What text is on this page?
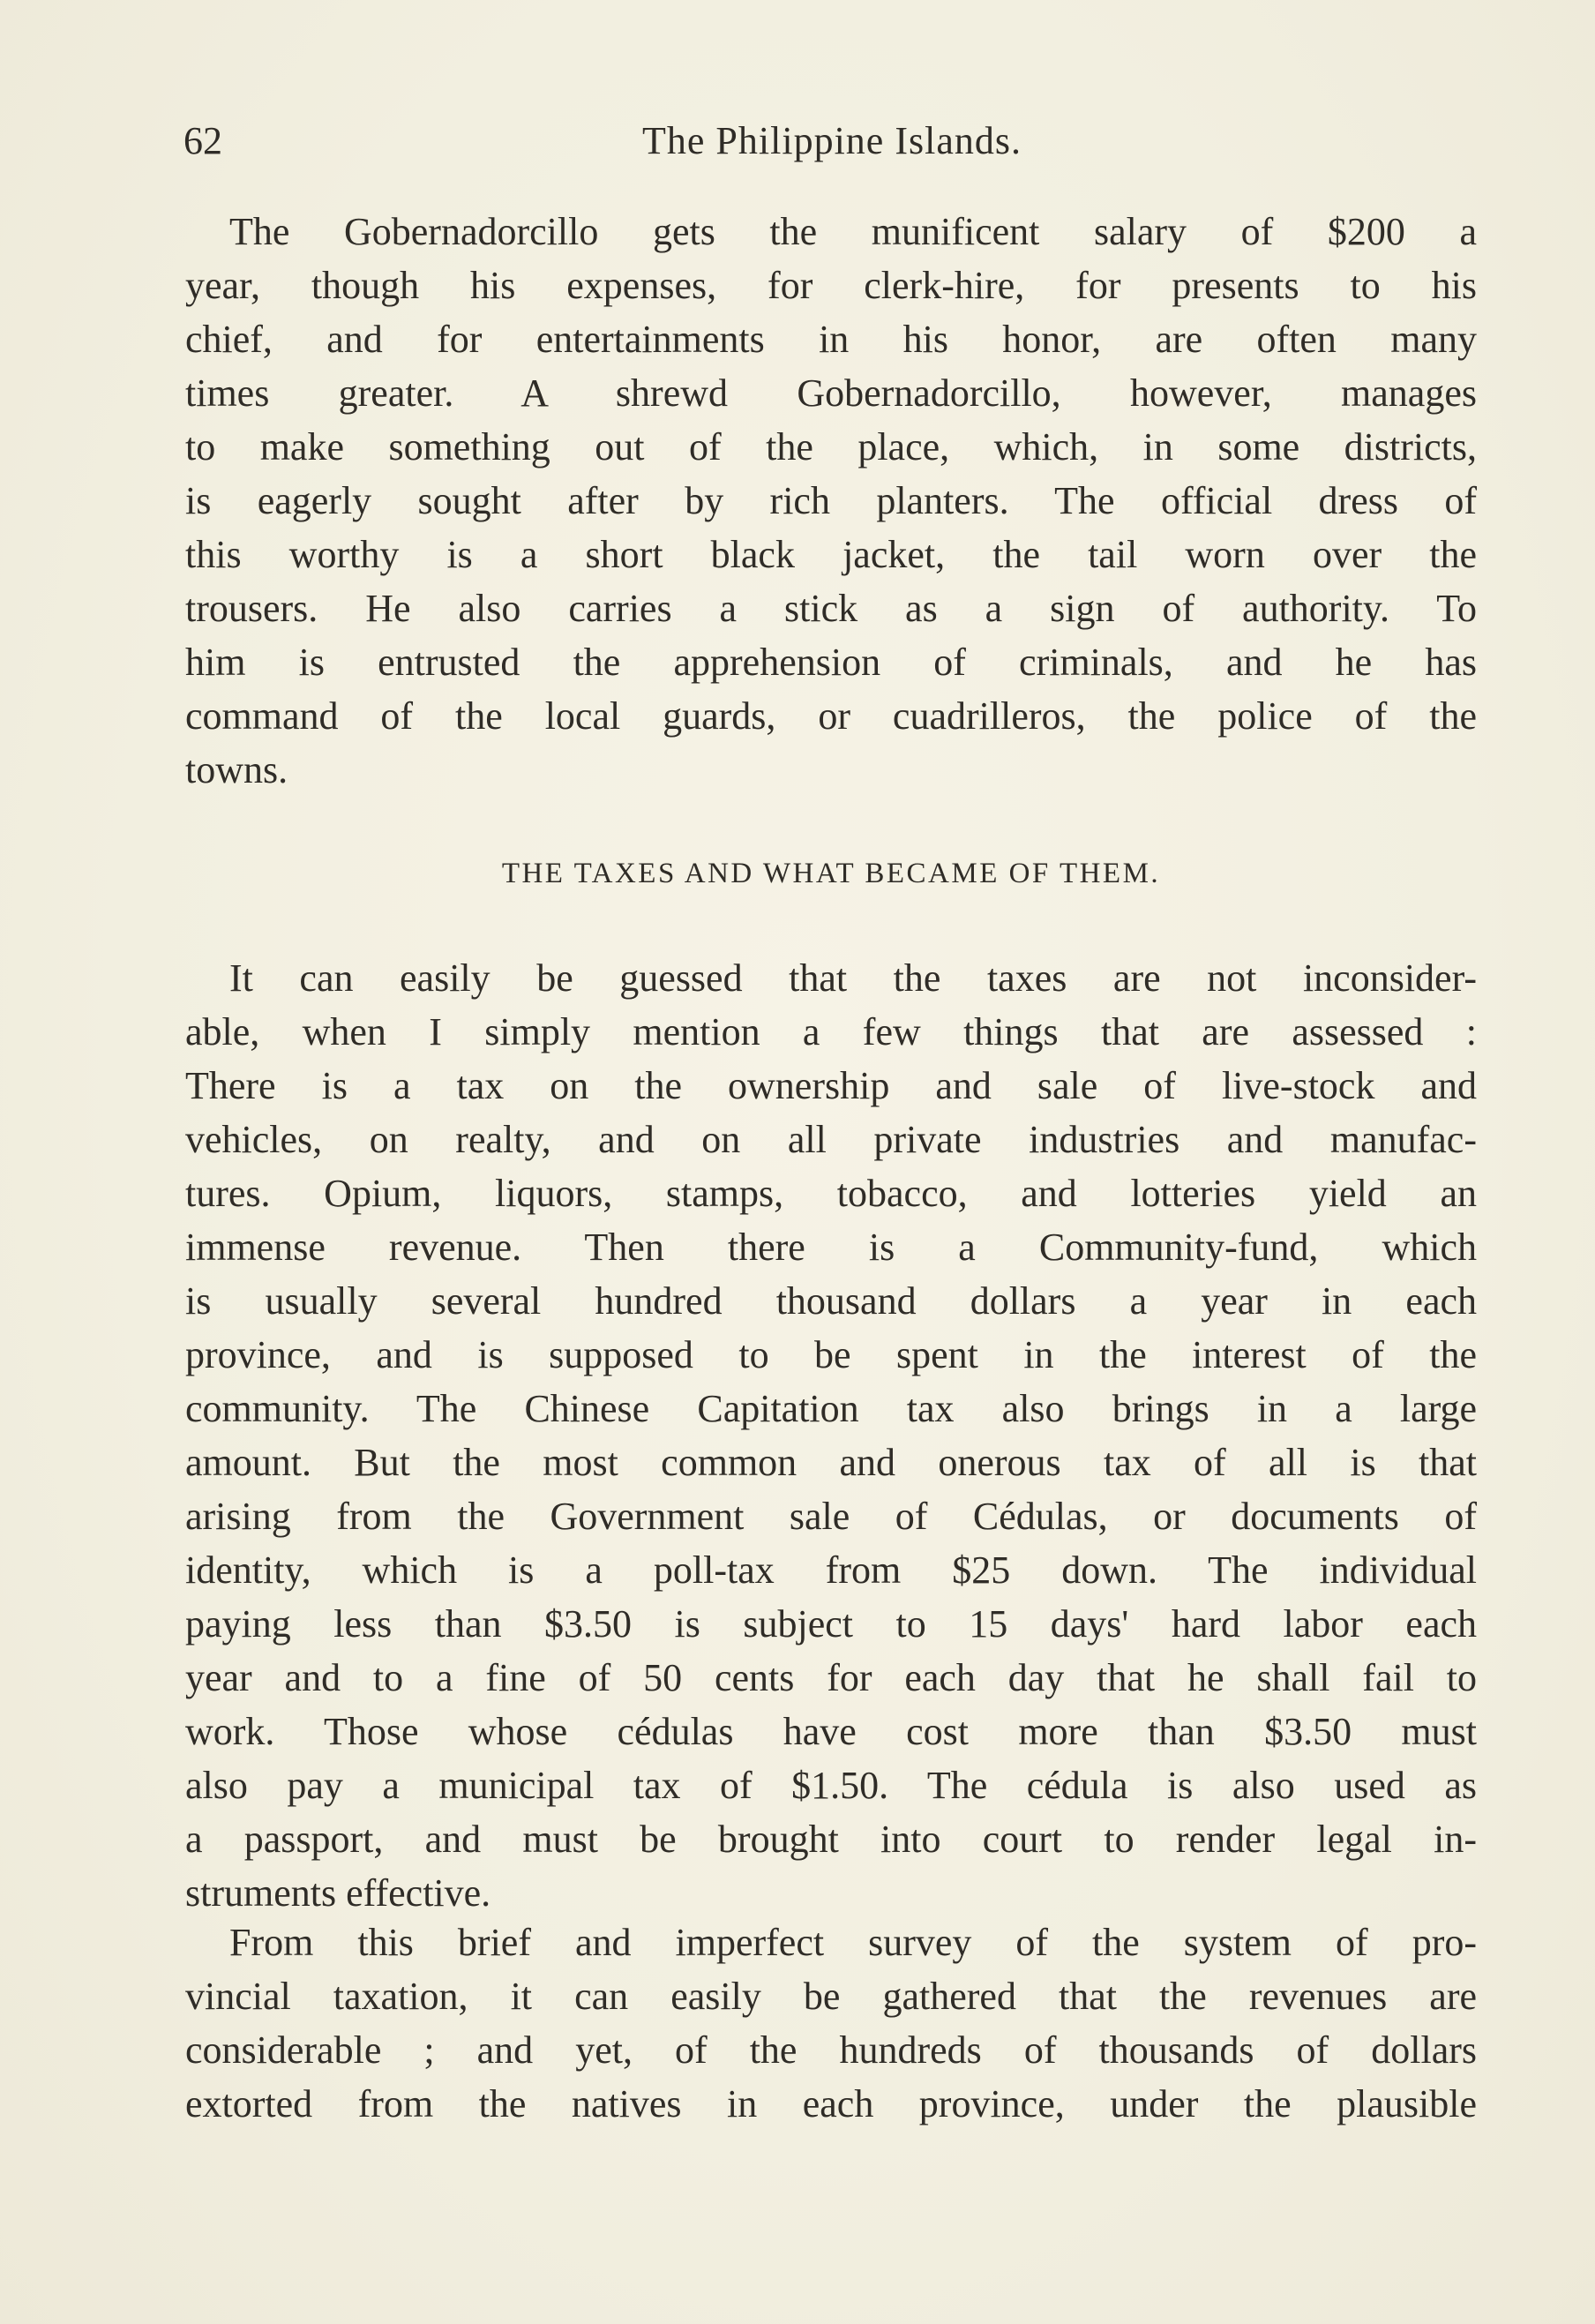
62	The Philippine Islands.
The Gobernadorcillo gets the munificent salary of $200 a
year, though his expenses, for clerk-hire, for presents to his
chief, and for entertainments in his honor, are often many
times greater. A shrewd Gobernadorcillo, however, manages
to make something out of the place, which, in some districts,
is eagerly sought after by rich planters. The official dress of
this worthy is a short black jacket, the tail worn over the
trousers. He also carries a stick as a sign of authority. To
him is entrusted the apprehension of criminals, and he has
command of the local guards, or cuadrilleros, the police of the
towns.
THE TAXES AND WHAT BECAME OF THEM.
It can easily be guessed that the taxes are not inconsider-
able, when I simply mention a few things that are assessed :
There is a tax on the ownership and sale of live-stock and
vehicles, on realty, and on all private industries and manufac-
tures. Opium, liquors, stamps, tobacco, and lotteries yield an
immense revenue. Then there is a Community-fund, which
is usually several hundred thousand dollars a year in each
province, and is supposed to be spent in the interest of the
community. The Chinese Capitation tax also brings in a large
amount. But the most common and onerous tax of all is that
arising from the Government sale of Cédulas, or documents of
identity, which is a poll-tax from $25 down. The individual
paying less than $3.50 is subject to 15 days' hard labor each
year and to a fine of 50 cents for each day that he shall fail to
work. Those whose cédulas have cost more than $3.50 must
also pay a municipal tax of $1.50. The cédula is also used as
a passport, and must be brought into court to render legal in-
struments effective.
From this brief and imperfect survey of the system of pro-
vincial taxation, it can easily be gathered that the revenues are
considerable ; and yet, of the hundreds of thousands of dollars
extorted from the natives in each province, under the plausible
